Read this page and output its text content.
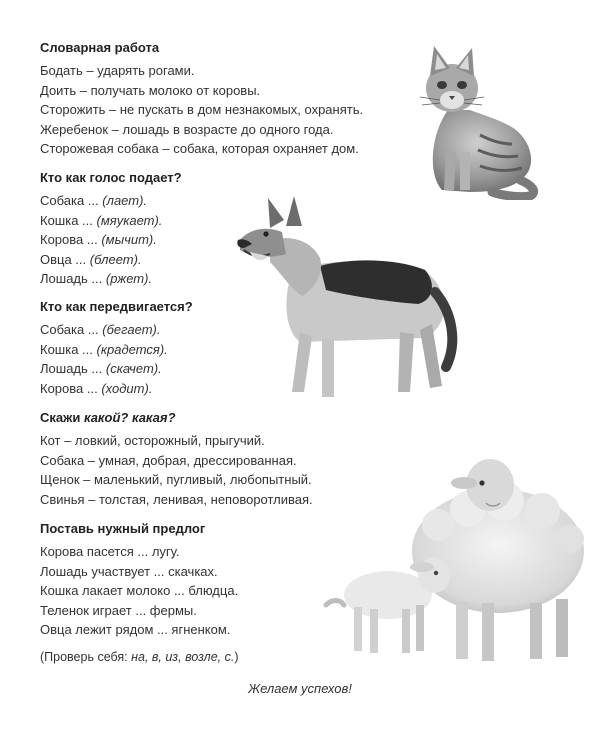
Словарная работа
Бодать – ударять рогами.
Доить – получать молоко от коровы.
Сторожить – не пускать в дом незнакомых, охранять.
Жеребенок – лошадь в возрасте до одного года.
Сторожевая собака – собака, которая охраняет дом.
Кто как голос подает?
Собака ... (лает).
Кошка ... (мяукает).
Корова ... (мычит).
Овца ... (блеет).
Лошадь ... (ржет).
Кто как передвигается?
Собака ... (бегает).
Кошка ... (крадется).
Лошадь ... (скачет).
Корова ... (ходит).
Скажи какой? какая?
Кот – ловкий, осторожный, прыгучий.
Собака – умная, добрая, дрессированная.
Щенок – маленький, пугливый, любопытный.
Свинья – толстая, ленивая, неповоротливая.
Поставь нужный предлог
Корова пасется ... лугу.
Лошадь участвует ... скачках.
Кошка лакает молоко ... блюдца.
Теленок играет ... фермы.
Овца лежит рядом ... ягненком.
(Проверь себя: на, в, из, возле, с.)
Желаем успехов!
